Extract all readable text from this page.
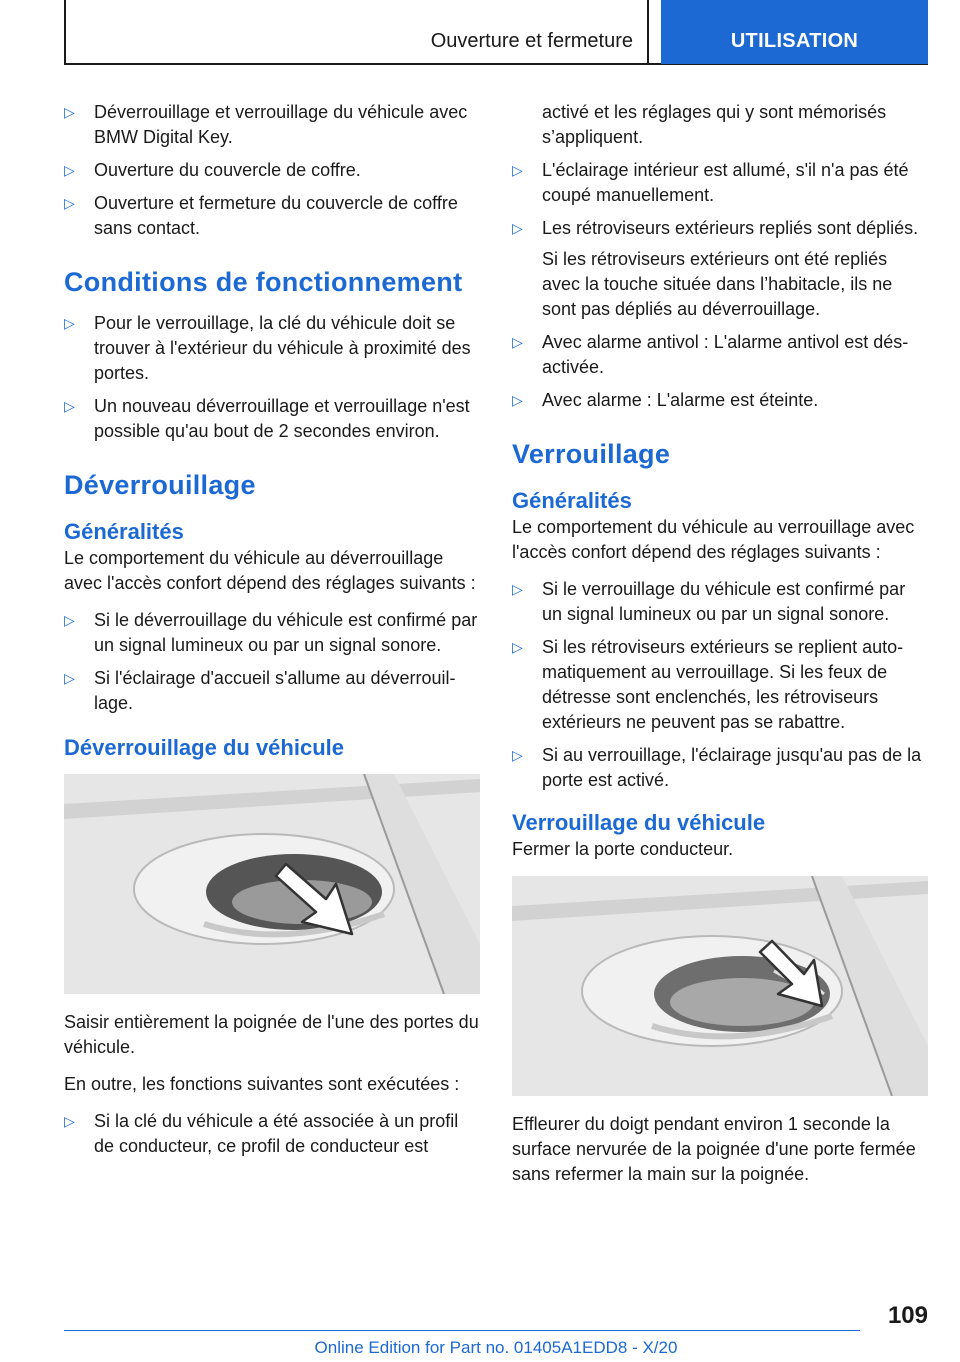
Ouverture et fermeture	UTILISATION
▷ Déverrouillage et verrouillage du véhicule avec BMW Digital Key.
▷ Ouverture du couvercle de coffre.
▷ Ouverture et fermeture du couvercle de coffre sans contact.
Conditions de fonctionnement
▷ Pour le verrouillage, la clé du véhicule doit se trouver à l'extérieur du véhicule à proximité des portes.
▷ Un nouveau déverrouillage et verrouillage n'est possible qu'au bout de 2 secondes environ.
Déverrouillage
Généralités

Le comportement du véhicule au déverrouillage avec l'accès confort dépend des réglages suivants :

▷ Si le déverrouillage du véhicule est confirmé par un signal lumineux ou par un signal sonore.
▷ Si l'éclairage d'accueil s'allume au déverrouillage.
Déverrouillage du véhicule

Saisir entièrement la poignée de l'une des portes du véhicule.

En outre, les fonctions suivantes sont exécutées :

▷ Si la clé du véhicule a été associée à un profil de conducteur, ce profil de conducteur est

activé et les réglages qui y sont mémorisés s’appliquent.

▷ L'éclairage intérieur est allumé, s'il n'a pas été coupé manuellement.
▷ Les rétroviseurs extérieurs repliés sont dépliés.
Si les rétroviseurs extérieurs ont été repliés avec la touche située dans l’habitacle, ils ne sont pas dépliés au déverrouillage.
▷ Avec alarme antivol : L'alarme antivol est désactivée.
▷ Avec alarme : L'alarme est éteinte.
Verrouillage
Généralités

Le comportement du véhicule au verrouillage avec l'accès confort dépend des réglages suivants :

▷ Si le verrouillage du véhicule est confirmé par un signal lumineux ou par un signal sonore.
▷ Si les rétroviseurs extérieurs se replient automatiquement au verrouillage. Si les feux de détresse sont enclenchés, les rétroviseurs extérieurs ne peuvent pas se rabattre.
▷ Si au verrouillage, l'éclairage jusqu'au pas de la porte est activé.
Verrouillage du véhicule

Fermer la porte conducteur.

Effleurer du doigt pendant environ 1 seconde la surface nervurée de la poignée d'une porte fermée sans refermer la main sur la poignée.

109
Online Edition for Part no. 01405A1EDD8 - X/20
